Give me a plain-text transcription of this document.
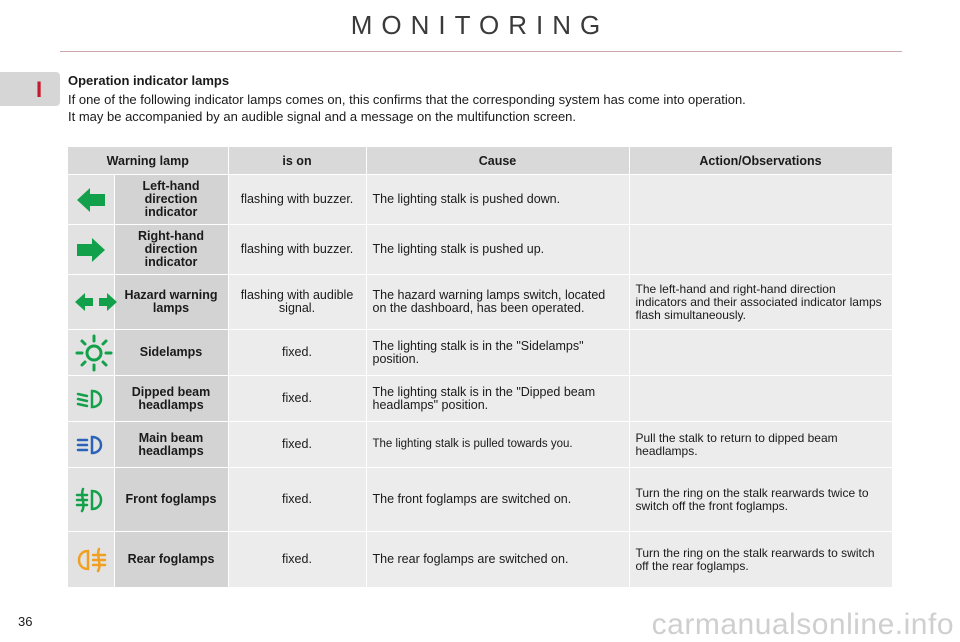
MONITORING
I Operation indicator lamps

If one of the following indicator lamps comes on, this confirms that the corresponding system has come into operation.

It may be accompanied by an audible signal and a message on the multifunction screen.

Warning lamp		is on	Cause	Action/Observations
	Left-hand direction indicator	flashing with buzzer.	The lighting stalk is pushed down.	
	Right-hand direction indicator	flashing with buzzer.	The lighting stalk is pushed up.	
	Hazard warning lamps	flashing with audible signal.	The hazard warning lamps switch, located on the dashboard, has been operated.	The left-hand and right-hand direction indicators and their associated indicator lamps flash simultaneously.
	Sidelamps	fixed.	The lighting stalk is in the "Sidelamps" position.	
	Dipped beam headlamps	fixed.	The lighting stalk is in the "Dipped beam headlamps" position.	
	Main beam headlamps	fixed.	The lighting stalk is pulled towards you.	Pull the stalk to return to dipped beam headlamps.
	Front foglamps	fixed.	The front foglamps are switched on.	Turn the ring on the stalk rearwards twice to switch off the front foglamps.
	Rear foglamps	fixed.	The rear foglamps are switched on.	Turn the ring on the stalk rearwards to switch off the rear foglamps.
36	carmanualsonline.info
